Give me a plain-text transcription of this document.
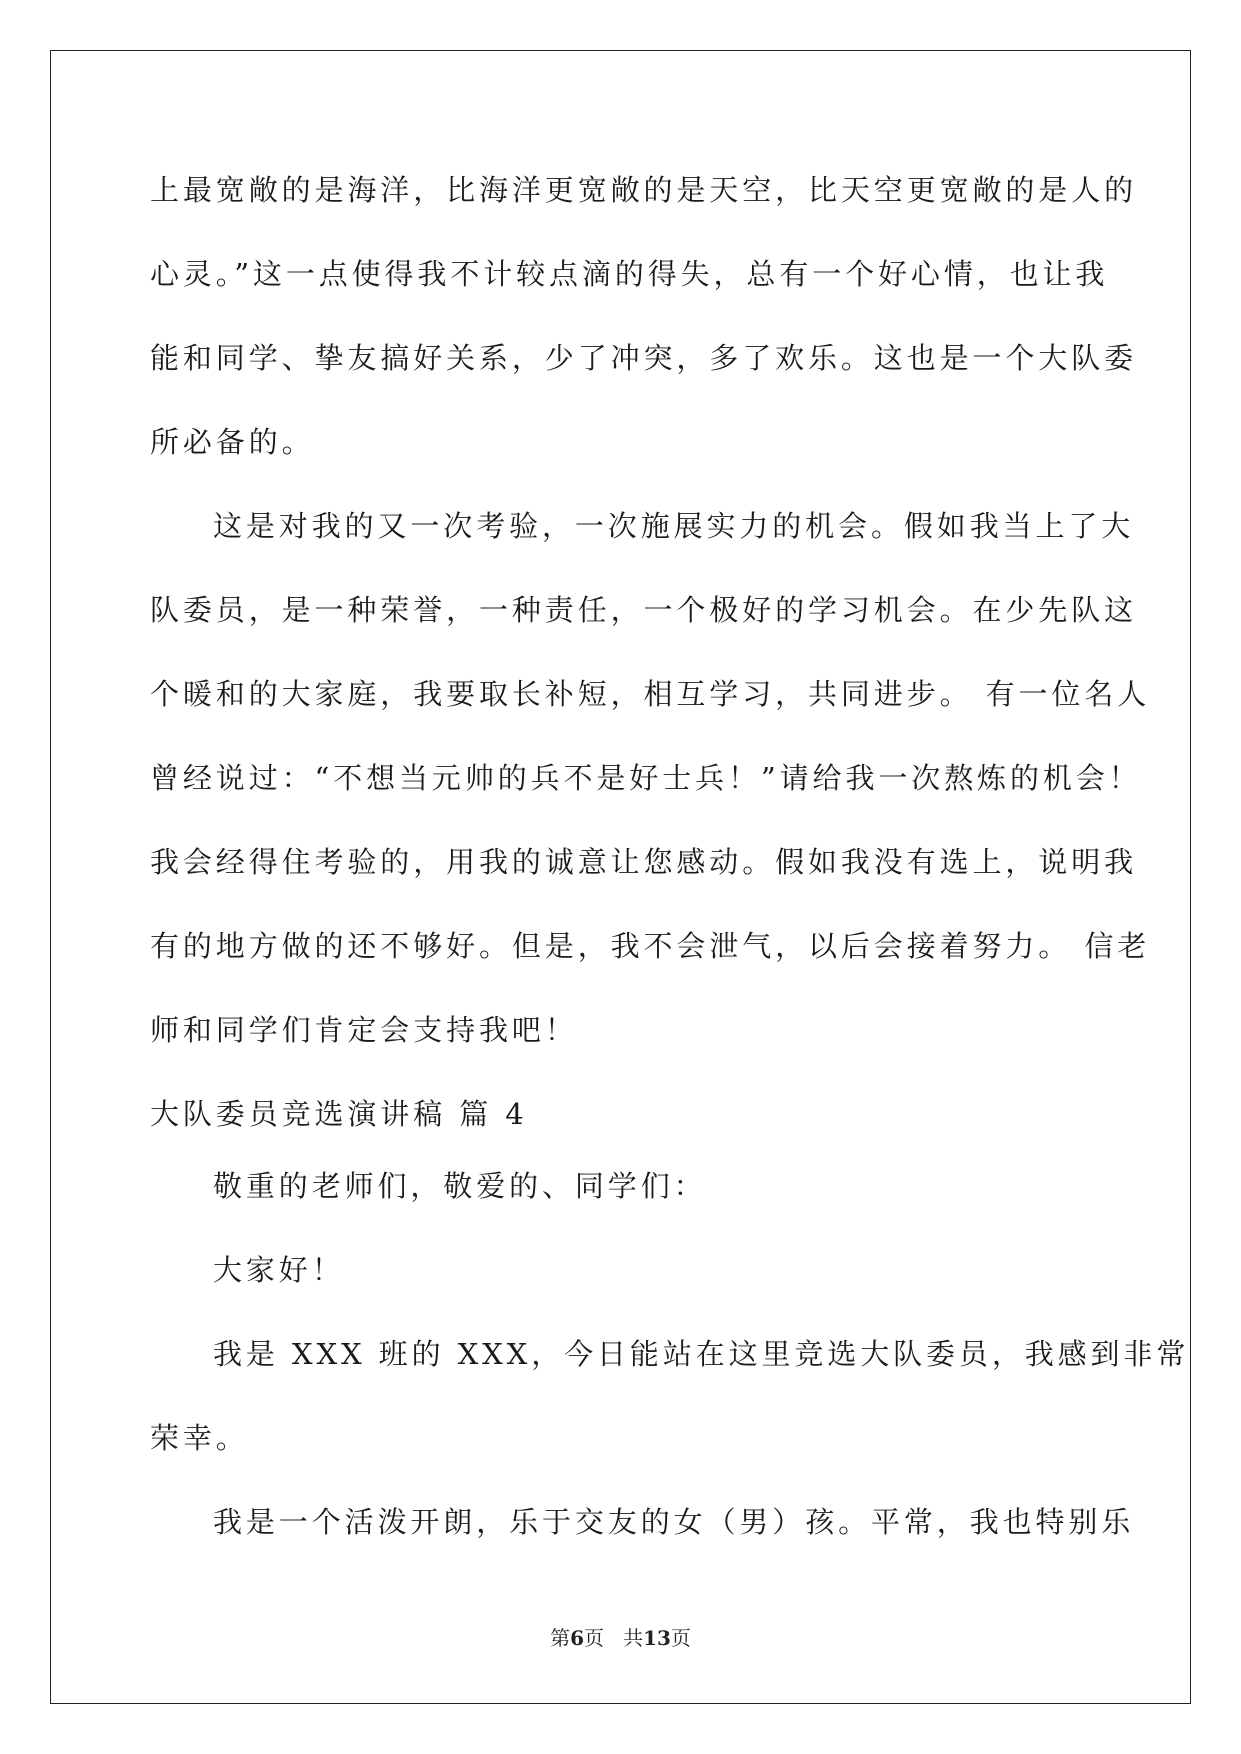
上最宽敞的是海洋，比海洋更宽敞的是天空，比天空更宽敞的是人的
心灵。”这一点使得我不计较点滴的得失，总有一个好心情，也让我
能和同学、挚友搞好关系，少了冲突，多了欢乐。这也是一个大队委
所必备的。
这是对我的又一次考验，一次施展实力的机会。假如我当上了大
队委员，是一种荣誉，一种责任，一个极好的学习机会。在少先队这
个暖和的大家庭，我要取长补短，相互学习，共同进步。 有一位名人
曾经说过：“不想当元帅的兵不是好士兵！”请给我一次熬炼的机会！
我会经得住考验的，用我的诚意让您感动。假如我没有选上，说明我
有的地方做的还不够好。但是，我不会泄气，以后会接着努力。 信老
师和同学们肯定会支持我吧！
大队委员竞选演讲稿 篇 4
敬重的老师们，敬爱的、同学们：
大家好！
我是 XXX 班的 XXX，今日能站在这里竞选大队委员，我感到非常
荣幸。
我是一个活泼开朗，乐于交友的女（男）孩。平常，我也特别乐
第6页 共13页
